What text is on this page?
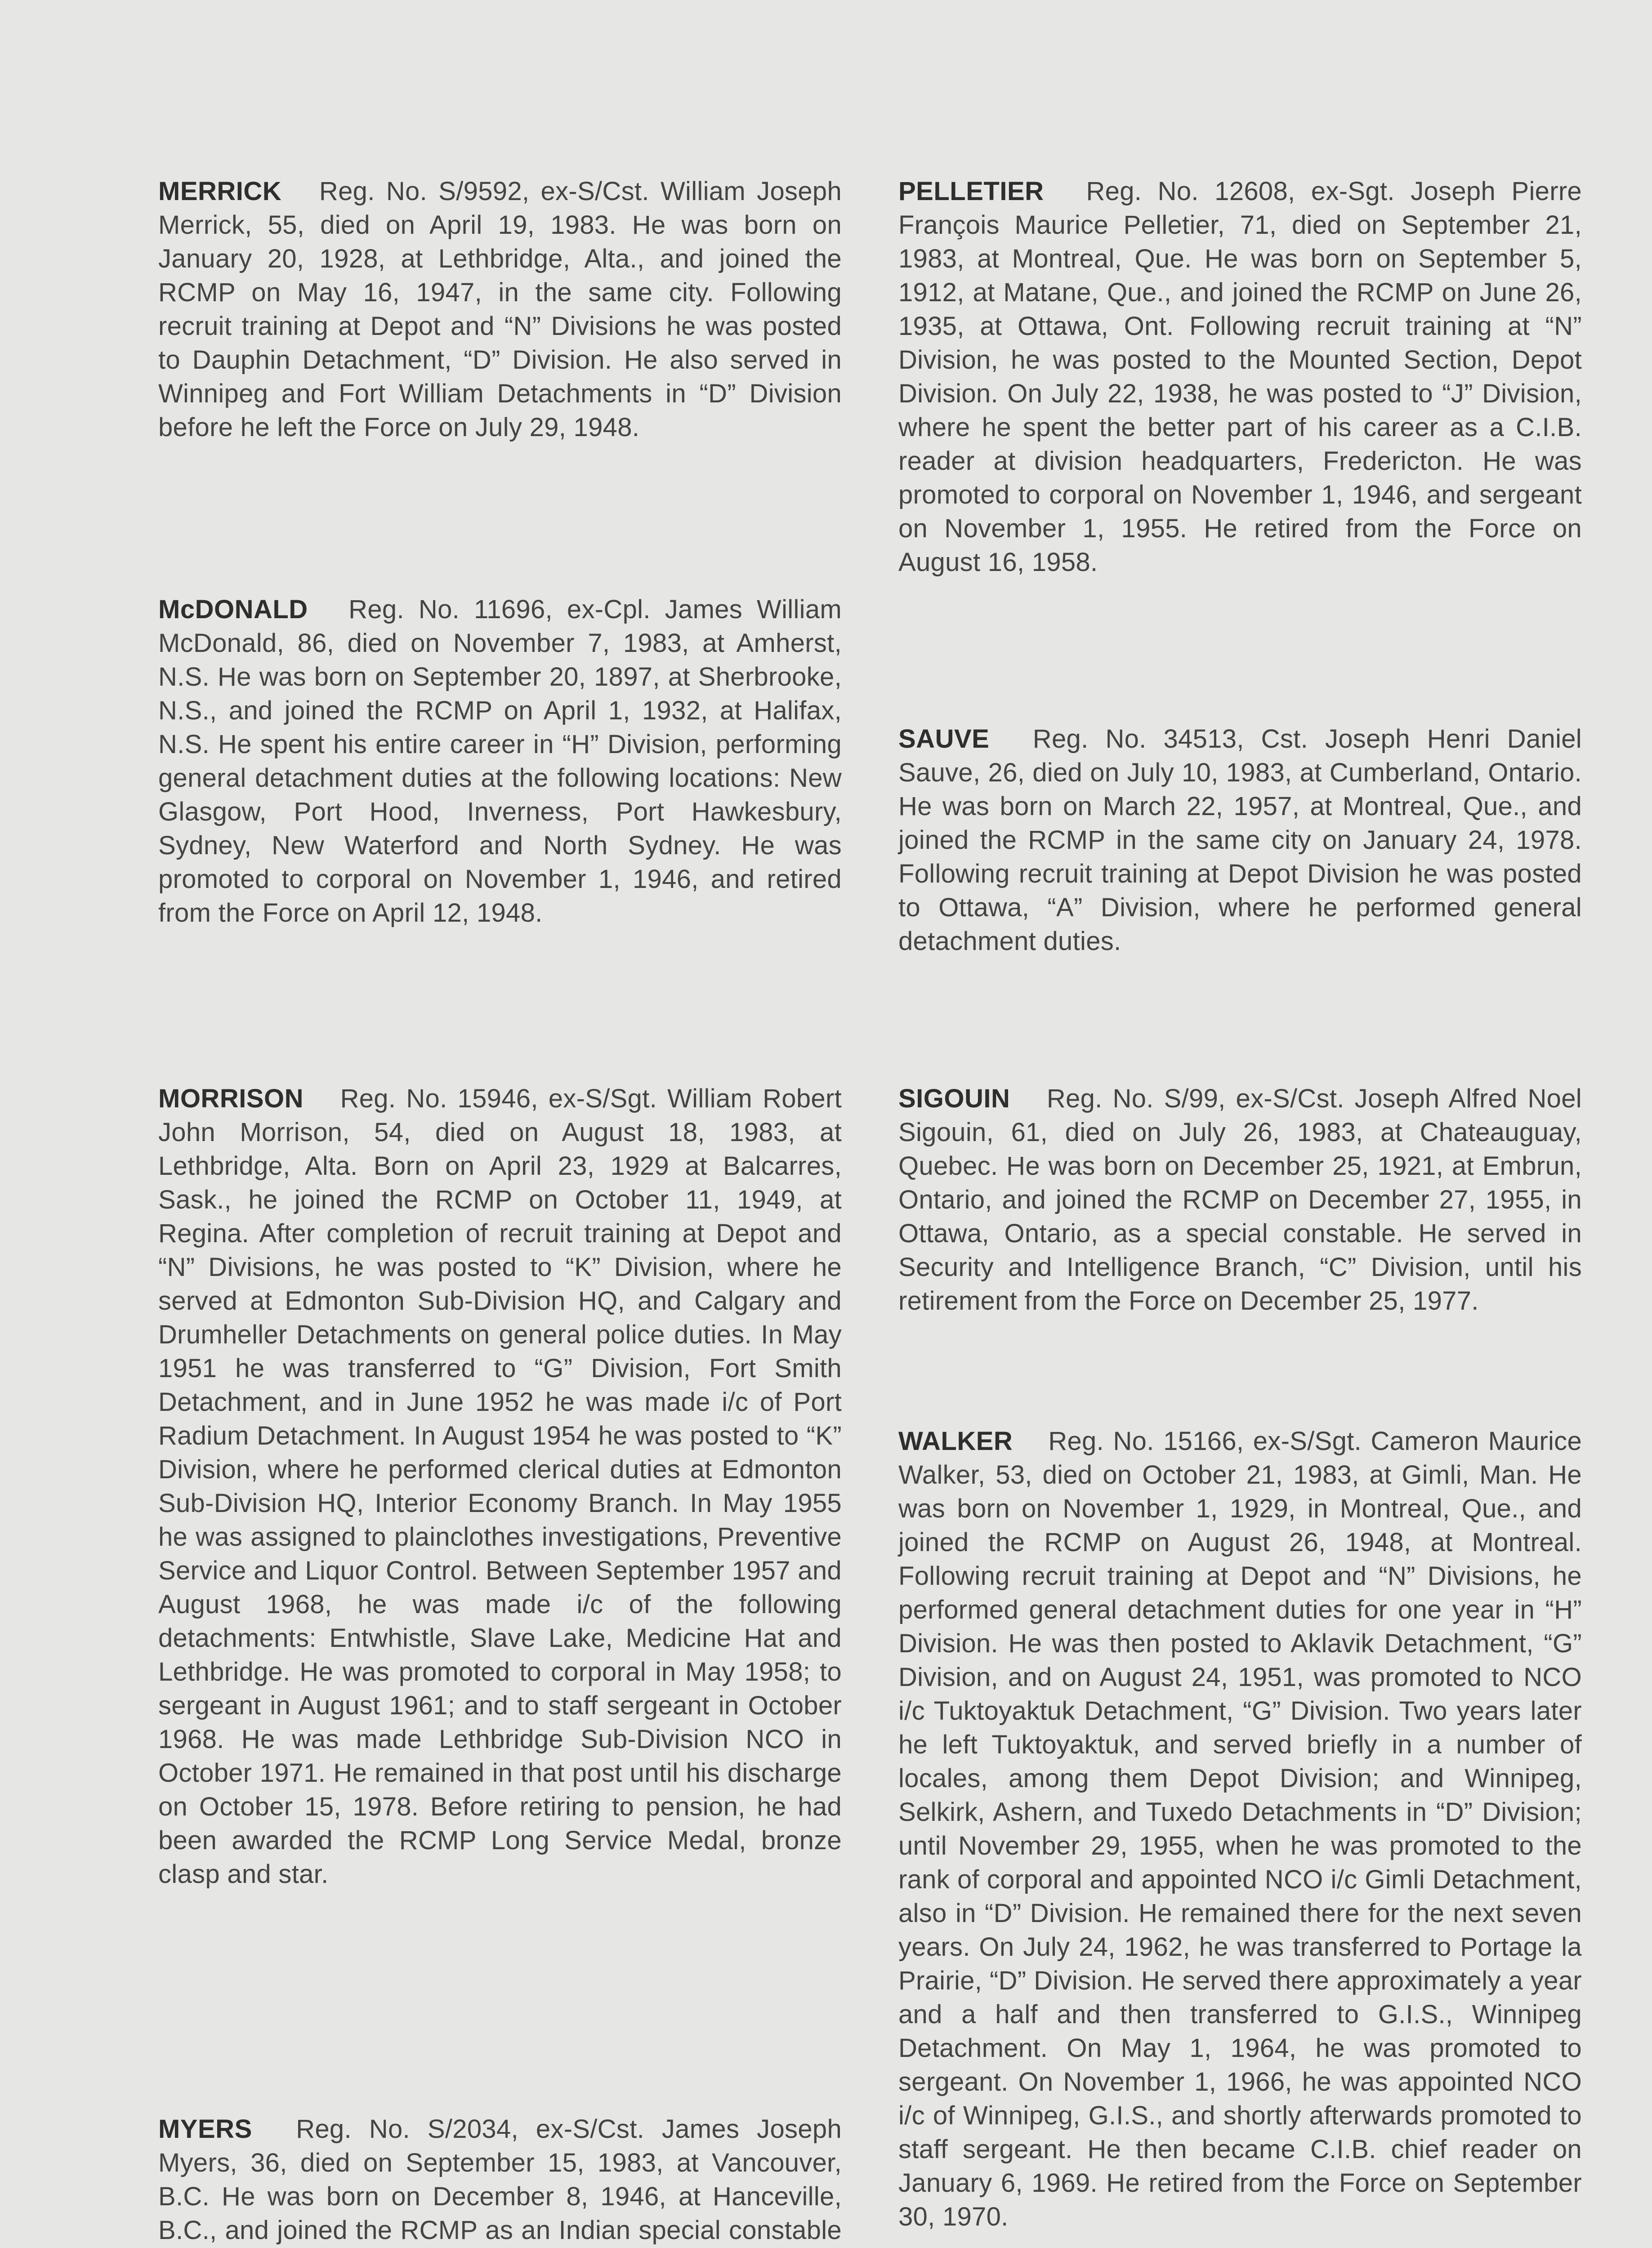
MERRICK  Reg. No. S/9592, ex-S/Cst. William Joseph Merrick, 55, died on April 19, 1983. He was born on January 20, 1928, at Lethbridge, Alta., and joined the RCMP on May 16, 1947, in the same city. Following recruit training at Depot and “N” Divisions he was posted to Dauphin Detachment, “D” Division. He also served in Winnipeg and Fort William Detachments in “D” Division before he left the Force on July 29, 1948.
McDONALD  Reg. No. 11696, ex-Cpl. James William McDonald, 86, died on November 7, 1983, at Amherst, N.S. He was born on September 20, 1897, at Sherbrooke, N.S., and joined the RCMP on April 1, 1932, at Halifax, N.S. He spent his entire career in “H” Division, performing general detachment duties at the following locations: New Glasgow, Port Hood, Inverness, Port Hawkesbury, Sydney, New Waterford and North Sydney. He was promoted to corporal on November 1, 1946, and retired from the Force on April 12, 1948.
MORRISON  Reg. No. 15946, ex-S/Sgt. William Robert John Morrison, 54, died on August 18, 1983, at Lethbridge, Alta. Born on April 23, 1929 at Balcarres, Sask., he joined the RCMP on October 11, 1949, at Regina. After completion of recruit training at Depot and “N” Divisions, he was posted to “K” Division, where he served at Edmonton Sub-Division HQ, and Calgary and Drumheller Detachments on general police duties. In May 1951 he was transferred to “G” Division, Fort Smith Detachment, and in June 1952 he was made i/c of Port Radium Detachment. In August 1954 he was posted to “K” Division, where he performed clerical duties at Edmonton Sub-Division HQ, Interior Economy Branch. In May 1955 he was assigned to plainclothes investigations, Preventive Service and Liquor Control. Between September 1957 and August 1968, he was made i/c of the following detachments: Entwhistle, Slave Lake, Medicine Hat and Lethbridge. He was promoted to corporal in May 1958; to sergeant in August 1961; and to staff sergeant in October 1968. He was made Lethbridge Sub-Division NCO in October 1971. He remained in that post until his discharge on October 15, 1978. Before retiring to pension, he had been awarded the RCMP Long Service Medal, bronze clasp and star.
MYERS  Reg. No. S/2034, ex-S/Cst. James Joseph Myers, 36, died on September 15, 1983, at Vancouver, B.C. He was born on December 8, 1946, at Hanceville, B.C., and joined the RCMP as an Indian special constable
PELLETIER  Reg. No. 12608, ex-Sgt. Joseph Pierre François Maurice Pelletier, 71, died on September 21, 1983, at Montreal, Que. He was born on September 5, 1912, at Matane, Que., and joined the RCMP on June 26, 1935, at Ottawa, Ont. Following recruit training at “N” Division, he was posted to the Mounted Section, Depot Division. On July 22, 1938, he was posted to “J” Division, where he spent the better part of his career as a C.I.B. reader at division headquarters, Fredericton. He was promoted to corporal on November 1, 1946, and sergeant on November 1, 1955. He retired from the Force on August 16, 1958.
SAUVE  Reg. No. 34513, Cst. Joseph Henri Daniel Sauve, 26, died on July 10, 1983, at Cumberland, Ontario. He was born on March 22, 1957, at Montreal, Que., and joined the RCMP in the same city on January 24, 1978. Following recruit training at Depot Division he was posted to Ottawa, “A” Division, where he performed general detachment duties.
SIGOUIN  Reg. No. S/99, ex-S/Cst. Joseph Alfred Noel Sigouin, 61, died on July 26, 1983, at Chateauguay, Quebec. He was born on December 25, 1921, at Embrun, Ontario, and joined the RCMP on December 27, 1955, in Ottawa, Ontario, as a special constable. He served in Security and Intelligence Branch, “C” Division, until his retirement from the Force on December 25, 1977.
WALKER  Reg. No. 15166, ex-S/Sgt. Cameron Maurice Walker, 53, died on October 21, 1983, at Gimli, Man. He was born on November 1, 1929, in Montreal, Que., and joined the RCMP on August 26, 1948, at Montreal. Following recruit training at Depot and “N” Divisions, he performed general detachment duties for one year in “H” Division. He was then posted to Aklavik Detachment, “G” Division, and on August 24, 1951, was promoted to NCO i/c Tuktoyaktuk Detachment, “G” Division. Two years later he left Tuktoyaktuk, and served briefly in a number of locales, among them Depot Division; and Winnipeg, Selkirk, Ashern, and Tuxedo Detachments in “D” Division; until November 29, 1955, when he was promoted to the rank of corporal and appointed NCO i/c Gimli Detachment, also in “D” Division. He remained there for the next seven years. On July 24, 1962, he was transferred to Portage la Prairie, “D” Division. He served there approximately a year and a half and then transferred to G.I.S., Winnipeg Detachment. On May 1, 1964, he was promoted to sergeant. On November 1, 1966, he was appointed NCO i/c of Winnipeg, G.I.S., and shortly afterwards promoted to staff sergeant. He then became C.I.B. chief reader on January 6, 1969. He retired from the Force on September 30, 1970.
